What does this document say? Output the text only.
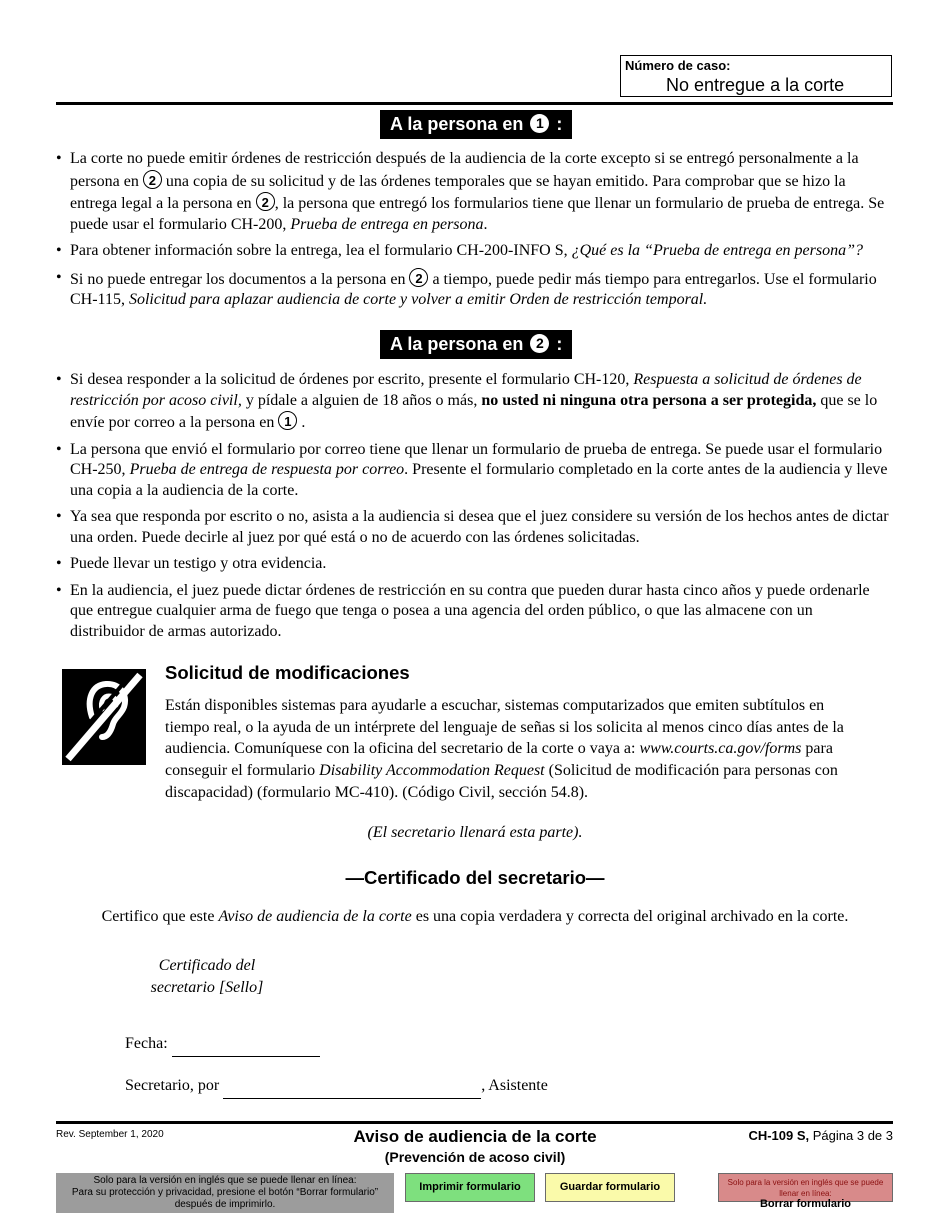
Número de caso:
No entregue a la corte
A la persona en 1 :
• La corte no puede emitir órdenes de restricción después de la audiencia de la corte excepto si se entregó personalmente a la persona en 2 una copia de su solicitud y de las órdenes temporales que se hayan emitido. Para comprobar que se hizo la entrega legal a la persona en 2 , la persona que entregó los formularios tiene que llenar un formulario de prueba de entrega. Se puede usar el formulario CH-200, Prueba de entrega en persona.
• Para obtener información sobre la entrega, lea el formulario CH-200-INFO S, ¿Qué es la “Prueba de entrega en persona”?
• Si no puede entregar los documentos a la persona en 2 a tiempo, puede pedir más tiempo para entregarlos. Use el formulario CH-115, Solicitud para aplazar audiencia de corte y volver a emitir Orden de restricción temporal.
A la persona en 2 :
• Si desea responder a la solicitud de órdenes por escrito, presente el formulario CH-120, Respuesta a solicitud de órdenes de restricción por acoso civil, y pídale a alguien de 18 años o más, no usted ni ninguna otra persona a ser protegida, que se lo envíe por correo a la persona en 1 .
• La persona que envió el formulario por correo tiene que llenar un formulario de prueba de entrega. Se puede usar el formulario CH-250, Prueba de entrega de respuesta por correo. Presente el formulario completado en la corte antes de la audiencia y lleve una copia a la audiencia de la corte.
• Ya sea que responda por escrito o no, asista a la audiencia si desea que el juez considere su versión de los hechos antes de dictar una orden. Puede decirle al juez por qué está o no de acuerdo con las órdenes solicitadas.
• Puede llevar un testigo y otra evidencia.
• En la audiencia, el juez puede dictar órdenes de restricción en su contra que pueden durar hasta cinco años y puede ordenarle que entregue cualquier arma de fuego que tenga o posea a una agencia del orden público, o que las almacene con un distribuidor de armas autorizado.
Solicitud de modificaciones
Están disponibles sistemas para ayudarle a escuchar, sistemas computarizados que emiten subtítulos en tiempo real, o la ayuda de un intérprete del lenguaje de señas si los solicita al menos cinco días antes de la audiencia. Comuníquese con la oficina del secretario de la corte o vaya a: www.courts.ca.gov/forms para conseguir el formulario Disability Accommodation Request (Solicitud de modificación para personas con discapacidad) (formulario MC-410). (Código Civil, sección 54.8).
(El secretario llenará esta parte).
—Certificado del secretario—
Certifico que este Aviso de audiencia de la corte es una copia verdadera y correcta del original archivado en la corte.
Certificado del
secretario [Sello]
Fecha:
Secretario, por	, Asistente
Rev. September 1, 2020	Aviso de audiencia de la corte
(Prevención de acoso civil)
CH-109 S, Página 3 de 3
Solo para la versión en inglés que se puede llenar en línea:
Para su protección y privacidad, presione el botón “Borrar formulario”
después de imprimirlo.
Imprimir formulario	Guardar formulario	Solo para la versión en inglés que se puede llenar en línea:
Borrar formulario
